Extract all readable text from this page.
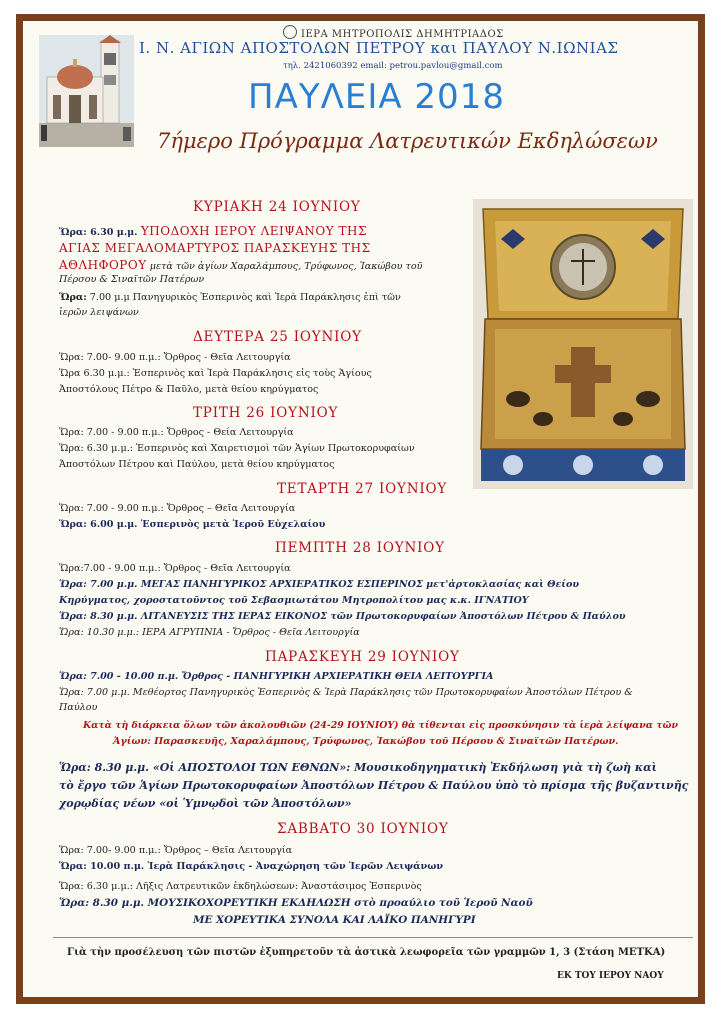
ΙΕΡΑ ΜΗΤΡΟΠΟΛΙΣ ΔΗΜΗΤΡΙΑΔΟΣ
Ι. Ν. ΑΓΙΩΝ ΑΠΟΣΤΟΛΩΝ ΠΕΤΡΟΥ και ΠΑΥΛΟΥ Ν.ΙΩΝΙΑΣ
τηλ. 2421060392 email: petrou.pavlou@gmail.com
ΠΑΥΛΕΙΑ 2018
7ήμερο Πρόγραμμα Λατρευτικών Εκδηλώσεων
ΚΥΡΙΑΚΗ 24 ΙΟΥΝΙΟΥ
Ὥρα: 6.30 μ.μ. ΥΠΟΔΟΧΗ ΙΕΡΟΥ ΛΕΙΨΑΝΟΥ ΤΗΣ
ΑΓΙΑΣ ΜΕΓΑΛΟΜΑΡΤΥΡΟΣ ΠΑΡΑΣΚΕΥΗΣ ΤΗΣ
ΑΘΛΗΦΟΡΟΥ μετὰ τῶν ἁγίων Χαραλάμπους, Τρύφωνος, Ἰακώβου τοῦ
Πέρσου & Σιναϊτῶν Πατέρων
Ὥρα: 7.00 μ.μ Πανηγυρικὸς Ἑσπερινὸς καὶ Ἱερὰ Παράκλησις ἐπὶ τῶν
ἱερῶν λειψάνων
ΔΕΥΤΕΡΑ 25 ΙΟΥΝΙΟΥ
Ὥρα: 7.00- 9.00 π.μ.: Ὄρθρος - Θεῖα Λειτουργία
Ὥρα 6.30 μ.μ.: Ἑσπερινὸς καὶ Ἱερὰ Παράκλησις εἰς τοὺς Ἁγίους
Ἀποστόλους Πέτρο & Παῦλο, μετὰ θείου κηρύγματος
ΤΡΙΤΗ 26 ΙΟΥΝΙΟΥ
Ὥρα: 7.00 - 9.00 π.μ.: Ὄρθρος - Θεία Λειτουργία
Ὥρα: 6.30 μ.μ.: Ἑσπερινὸς καὶ Χαιρετισμοὶ τῶν Ἁγίων Πρωτοκορυφαίων
Ἀποστόλων Πέτρου καὶ Παύλου, μετὰ θείου κηρύγματος
ΤΕΤΑΡΤΗ 27 ΙΟΥΝΙΟΥ
Ὥρα: 7.00 - 9.00 π.μ.: Ὄρθρος – Θεῖα Λειτουργία
Ὥρα: 6.00 μ.μ. Ἑσπερινὸς μετὰ Ἱεροῦ Εὐχελαίου
ΠΕΜΠΤΗ 28 ΙΟΥΝΙΟΥ
Ὥρα:7.00 - 9.00 π.μ.: Ὄρθρος - Θεῖα Λειτουργία
Ὥρα: 7.00 μ.μ. ΜΕΓΑΣ ΠΑΝΗΓΥΡΙΚΟΣ ΑΡΧΙΕΡΑΤΙΚΟΣ ΕΣΠΕΡΙΝΟΣ μετ'ἀρτοκλασίας καὶ Θείου
Κηρύγματος, χοροστατοῦντος τοῦ Σεβασμιωτάτου Μητροπολίτου μας κ.κ. ΙΓΝΑΤΙΟΥ
Ὥρα: 8.30 μ.μ. ΛΙΤΑΝΕΥΣΙΣ ΤΗΣ ΙΕΡΑΣ ΕΙΚΟΝΟΣ τῶν Πρωτοκορυφαίων Ἀποστόλων Πέτρου & Παύλου
Ὥρα: 10.30 μ.μ.: ΙΕΡΑ ΑΓΡΥΠΝΙΑ - Ὄρθρος - Θεῖα Λειτουργία
ΠΑΡΑΣΚΕΥΗ 29 ΙΟΥΝΙΟΥ
Ὥρα: 7.00 - 10.00 π.μ. Ὄρθρος - ΠΑΝΗΓΥΡΙΚΗ ΑΡΧΙΕΡΑΤΙΚΗ ΘΕΙΑ ΛΕΙΤΟΥΡΓΙΑ
Ὥρα: 7.00 μ.μ. Μεθέορτος Πανηγυρικὸς Ἑσπερινὸς & Ἱερὰ Παράκλησις τῶν Πρωτοκορυφαίων Ἀποστόλων Πέτρου &
Παύλου
Κατὰ τὴ διάρκεια ὅλων τῶν ἀκολουθιῶν (24-29 ΙΟΥΝΙΟΥ) θὰ τίθενται εἰς προσκύνησιν τὰ ἱερὰ λείψανα τῶν
Ἁγίων: Παρασκευῆς, Χαραλάμπους, Τρύφωνος, Ἰακώβου τοῦ Πέρσου & Σιναϊτῶν Πατέρων.
Ὥρα: 8.30 μ.μ. «Οἱ ΑΠΟΣΤΟΛΟΙ ΤΩΝ ΕΘΝΩΝ»: Μουσικοδηγηματικὴ Ἐκδήλωση γιὰ τὴ ζωὴ καὶ
τὸ ἔργο τῶν Ἁγίων Πρωτοκορυφαίων Ἀποστόλων Πέτρου & Παύλου ὑπὸ τὸ πρίσμα τῆς βυζαντινῆς
χορῳδίας νέων «οἱ Ὑμνῳδοὶ τῶν Ἀποστόλων»
ΣΑΒΒΑΤΟ 30 ΙΟΥΝΙΟΥ
Ὥρα: 7.00- 9.00 π.μ.: Ὄρθρος – Θεῖα Λειτουργία
Ὥρα: 10.00 π.μ. Ἱερὰ Παράκλησις - Ἀναχώρηση τῶν Ἱερῶν Λειψάνων
Ὥρα: 6.30 μ.μ.: Λῆξις Λατρευτικῶν ἐκδηλώσεων: Ἀναστάσιμος Ἑσπερινὸς
Ὥρα: 8.30 μ.μ. ΜΟΥΣΙΚΟΧΟΡΕΥΤΙΚΗ ΕΚΔΗΛΩΣΗ στὸ προαύλιο τοῦ Ἱεροῦ Ναοῦ
ΜΕ ΧΟΡΕΥΤΙΚΑ ΣΥΝΟΛΑ ΚΑΙ ΛΑΪΚΟ ΠΑΝΗΓΥΡΙ
Γιὰ τὴν προσέλευση τῶν πιστῶν ἐξυπηρετοῦν τὰ ἀστικὰ λεωφορεῖα τῶν γραμμῶν 1, 3 (Στάση ΜΕΤΚΑ)
ΕΚ ΤΟΥ ΙΕΡΟΥ ΝΑΟΥ
